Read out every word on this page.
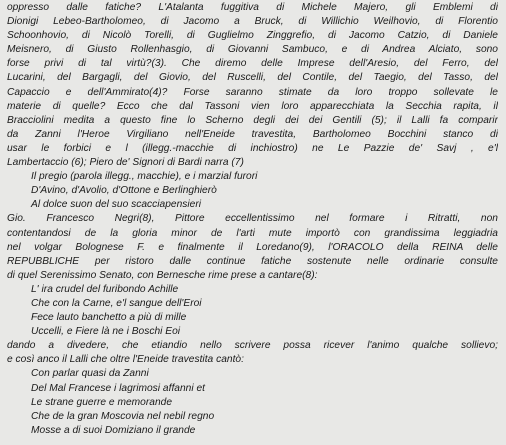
oppresso dalle fatiche? L'Atalanta fuggitiva di Michele Majero, gli Emblemi di
Dionigi Lebeo-Bartholomeo, di Jacomo a Bruck, di Willichio Weilhovio, di Florentio
Schoonhovio, di Nicolò Torelli, di Guglielmo Zinggrefio, di Jacomo Catzio, di Daniele
Meisnero, di Giusto Rollenhasgio, di Giovanni Sambuco, e di Andrea Alciato, sono
forse privi di tal virtù?(3). Che diremo delle Imprese dell'Aresio, del Ferro, del
Lucarini, del Bargagli, del Giovio, del Ruscelli, del Contile, del Taegio, del Tasso, del
Capaccio e dell'Ammirato(4)? Forse saranno stimate da loro troppo sollevate le
materie di quelle? Ecco che dal Tassoni vien loro apparecchiata la Secchia rapita, il
Bracciolini medita a questo fine lo Scherno degli dei dei Gentili (5); il Lalli fa comparir
da Zanni l'Heroe Virgiliano nell'Eneide travestita, Bartholomeo Bocchini stanco di
usar le forbici e l (illegg.-macchie di inchiostro) ne Le Pazzie de' Savj , e'l
Lambertaccio (6); Piero de' Signori di Bardi narra (7)
Il pregio (parola illegg., macchie), e i marzial furori
D'Avino, d'Avolio, d'Ottone e Berlinghierò
Al dolce suon del suo scacciapensieri
Gio. Francesco Negri(8), Pittore eccellentissimo nel formare i Ritratti, non
contentandosi de la gloria minor de l'arti mute importò con grandissima leggiadria
nel volgar Bolognese F. e finalmente il Loredano(9), l'ORACOLO della REINA delle
REPUBBLICHE per ristoro dalle continue fatiche sostenute nelle ordinarie consulte
di quel Serenissimo Senato, con Bernesche rime prese a cantare(8):
L' ira crudel del furibondo Achille
Che con la Carne, e'l sangue dell'Eroi
Fece lauto banchetto a più di mille
Uccelli, e Fiere là ne i Boschi Eoi
dando a divedere, che etiandio nello scrivere possa ricever l'animo qualche sollievo;
e così anco il Lalli che oltre l'Eneide travestita cantò:
Con parlar quasi da Zanni
Del Mal Francese i lagrimosi affanni et
Le strane guerre e memorande
Che de la gran Moscovia nel nebil regno
Mosse a di suoi Domiziano il grande
